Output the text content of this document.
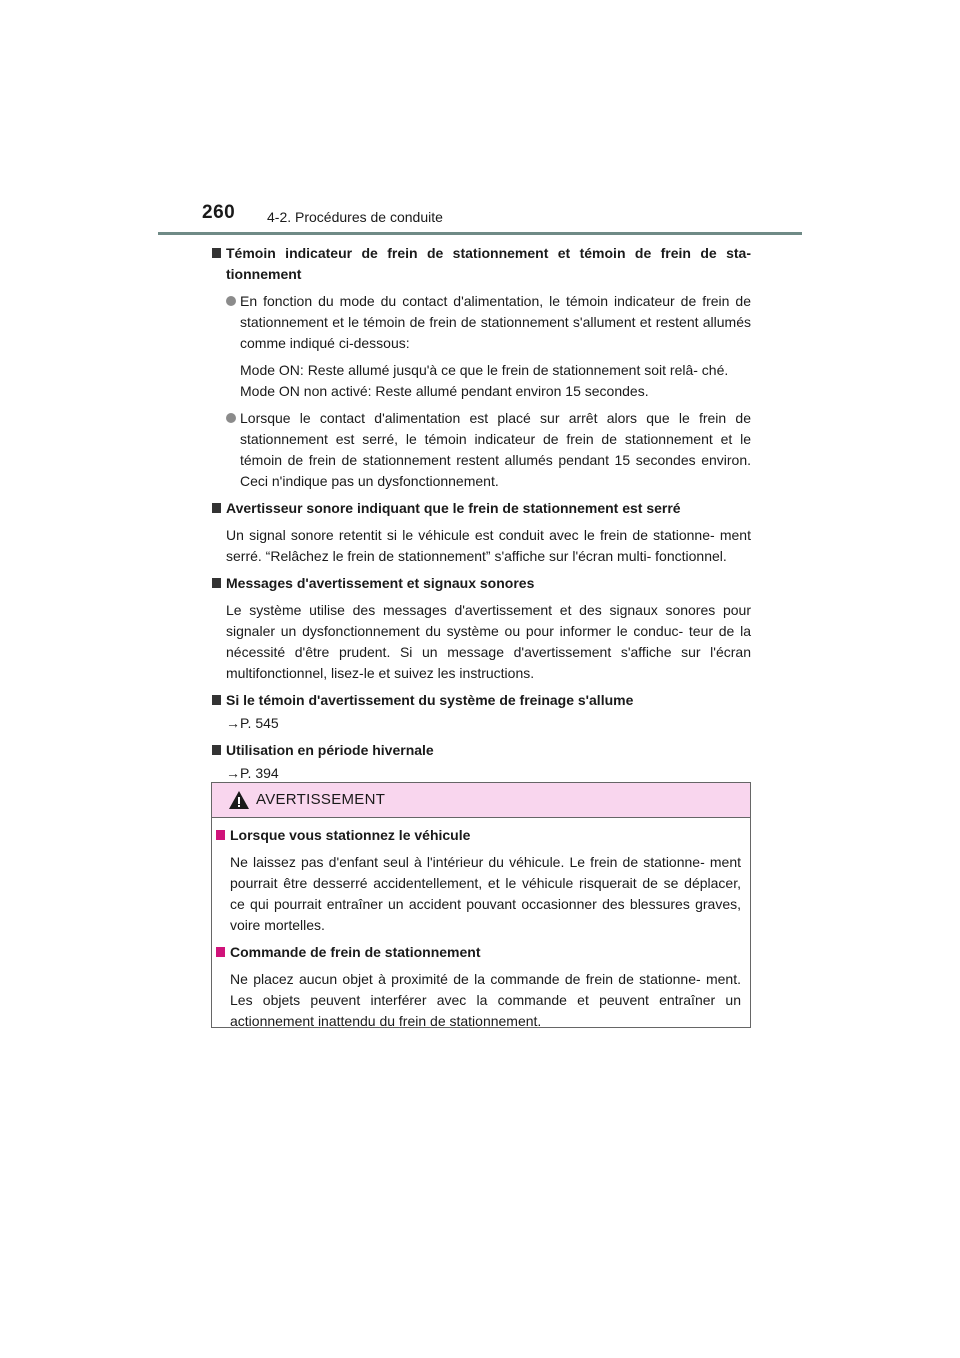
260 4-2. Procédures de conduite
Témoin indicateur de frein de stationnement et témoin de frein de sta- tionnement
En fonction du mode du contact d'alimentation, le témoin indicateur de frein de stationnement et le témoin de frein de stationnement s'allument et restent allumés comme indiqué ci-dessous:

Mode ON: Reste allumé jusqu'à ce que le frein de stationnement soit relâ- ché.

Mode ON non activé: Reste allumé pendant environ 15 secondes.

Lorsque le contact d'alimentation est placé sur arrêt alors que le frein de stationnement est serré, le témoin indicateur de frein de stationnement et le témoin de frein de stationnement restent allumés pendant 15 secondes environ. Ceci n'indique pas un dysfonctionnement.
Avertisseur sonore indiquant que le frein de stationnement est serré
Un signal sonore retentit si le véhicule est conduit avec le frein de stationne- ment serré. “Relâchez le frein de stationnement” s'affiche sur l'écran multi- fonctionnel.
Messages d'avertissement et signaux sonores
Le système utilise des messages d'avertissement et des signaux sonores pour signaler un dysfonctionnement du système ou pour informer le conduc- teur de la nécessité d'être prudent. Si un message d'avertissement s'affiche sur l'écran multifonctionnel, lisez-le et suivez les instructions.
Si le témoin d'avertissement du système de freinage s'allume
→P. 545
Utilisation en période hivernale
→P. 394
AVERTISSEMENT
Lorsque vous stationnez le véhicule
Ne laissez pas d'enfant seul à l'intérieur du véhicule. Le frein de stationne- ment pourrait être desserré accidentellement, et le véhicule risquerait de se déplacer, ce qui pourrait entraîner un accident pouvant occasionner des blessures graves, voire mortelles.
Commande de frein de stationnement
Ne placez aucun objet à proximité de la commande de frein de stationne- ment. Les objets peuvent interférer avec la commande et peuvent entraîner un actionnement inattendu du frein de stationnement.
